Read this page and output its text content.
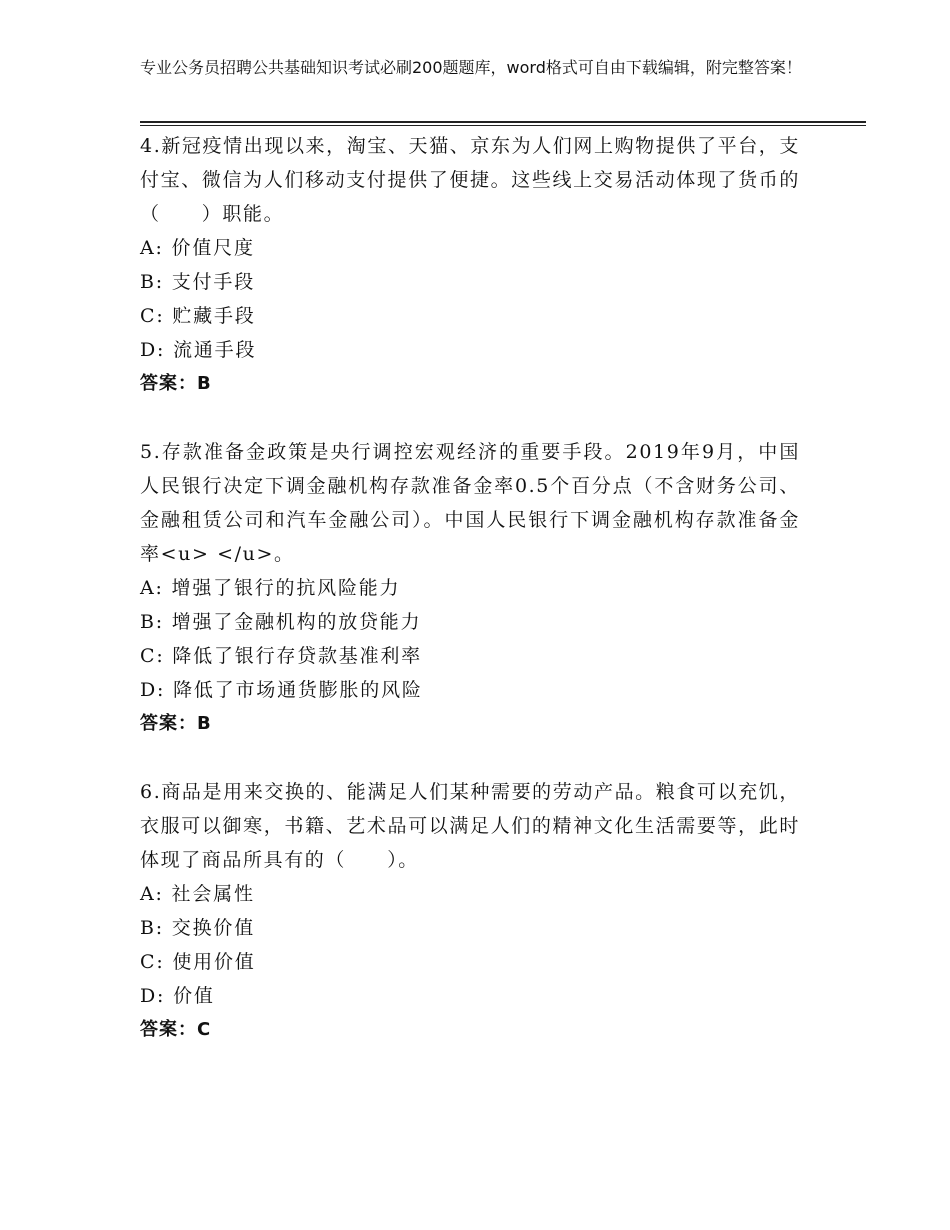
专业公务员招聘公共基础知识考试必刷200题题库，word格式可自由下载编辑，附完整答案！
4.新冠疫情出现以来，淘宝、天猫、京东为人们网上购物提供了平台，支付宝、微信为人们移动支付提供了便捷。这些线上交易活动体现了货币的（　　）职能。
A: 价值尺度
B: 支付手段
C: 贮藏手段
D: 流通手段
答案：B
5.存款准备金政策是央行调控宏观经济的重要手段。2019年9月，中国人民银行决定下调金融机构存款准备金率0.5个百分点（不含财务公司、金融租赁公司和汽车金融公司）。中国人民银行下调金融机构存款准备金率<u> </u>。
A: 增强了银行的抗风险能力
B: 增强了金融机构的放贷能力
C: 降低了银行存贷款基准利率
D: 降低了市场通货膨胀的风险
答案：B
6.商品是用来交换的、能满足人们某种需要的劳动产品。粮食可以充饥，衣服可以御寒，书籍、艺术品可以满足人们的精神文化生活需要等，此时体现了商品所具有的（　　）。
A: 社会属性
B: 交换价值
C: 使用价值
D: 价值
答案：C
